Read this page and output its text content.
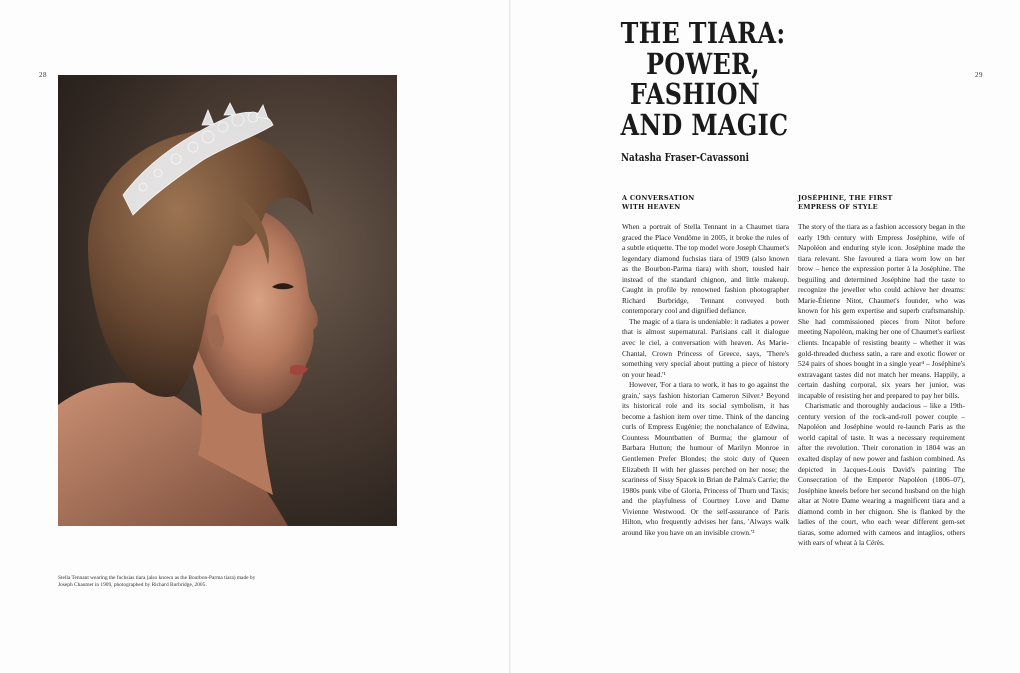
28	29
Stella Tennant wearing the fuchsias tiara (also known as the Bourbon-Parma tiara) made by Joseph Chaumet in 1909, photographed by Richard Burbridge, 2005.
THE TIARA:
POWER,
FASHION
AND MAGIC
Natasha Fraser-Cavassoni
A CONVERSATION
WITH HEAVEN

When a portrait of Stella Tennant in a Chaumet tiara graced the Place Vendôme in 2005, it broke the rules of a subtle etiquette. The top model wore Joseph Chaumet's legendary diamond fuchsias tiara of 1909 (also known as the Bourbon-Parma tiara) with short, tousled hair instead of the standard chignon, and little makeup. Caught in profile by renowned fashion photographer Richard Burbridge, Tennant conveyed both contemporary cool and dignified defiance.

The magic of a tiara is undeniable: it radiates a power that is almost supernatural. Parisians call it dialogue avec le ciel, a conversation with heaven. As Marie-Chantal, Crown Princess of Greece, says, 'There's something very special about putting a piece of history on your head.'¹

However, 'For a tiara to work, it has to go against the grain,' says fashion historian Cameron Silver.² Beyond its historical role and its social symbolism, it has become a fashion item over time. Think of the dancing curls of Empress Eugénie; the nonchalance of Edwina, Countess Mountbatten of Burma; the glamour of Barbara Hutton; the humour of Marilyn Monroe in Gentlemen Prefer Blondes; the stoic duty of Queen Elizabeth II with her glasses perched on her nose; the scariness of Sissy Spacek in Brian de Palma's Carrie; the 1980s punk vibe of Gloria, Princess of Thurn und Taxis; and the playfulness of Courtney Love and Dame Vivienne Westwood. Or the self-assurance of Paris Hilton, who frequently advises her fans, 'Always walk around like you have on an invisible crown.'³

JOSÉPHINE, THE FIRST
EMPRESS OF STYLE

The story of the tiara as a fashion accessory began in the early 19th century with Empress Joséphine, wife of Napoléon and enduring style icon. Joséphine made the tiara relevant. She favoured a tiara worn low on her brow – hence the expression porter à la Joséphine. The beguiling and determined Joséphine had the taste to recognize the jeweller who could achieve her dreams: Marie-Étienne Nitot, Chaumet's founder, who was known for his gem expertise and superb craftsmanship. She had commissioned pieces from Nitot before meeting Napoléon, making her one of Chaumet's earliest clients. Incapable of resisting beauty – whether it was gold-threaded duchess satin, a rare and exotic flower or 524 pairs of shoes bought in a single year⁴ – Joséphine's extravagant tastes did not match her means. Happily, a certain dashing corporal, six years her junior, was incapable of resisting her and prepared to pay her bills.

Charismatic and thoroughly audacious – like a 19th-century version of the rock-and-roll power couple – Napoléon and Joséphine would re-launch Paris as the world capital of taste. It was a necessary requirement after the revolution. Their coronation in 1804 was an exalted display of new power and fashion combined. As depicted in Jacques-Louis David's painting The Consecration of the Emperor Napoléon (1806–07), Joséphine kneels before her second husband on the high altar at Notre Dame wearing a magnificent tiara and a diamond comb in her chignon. She is flanked by the ladies of the court, who each wear different gem-set tiaras, some adorned with cameos and intaglios, others with ears of wheat à la Cérès.
